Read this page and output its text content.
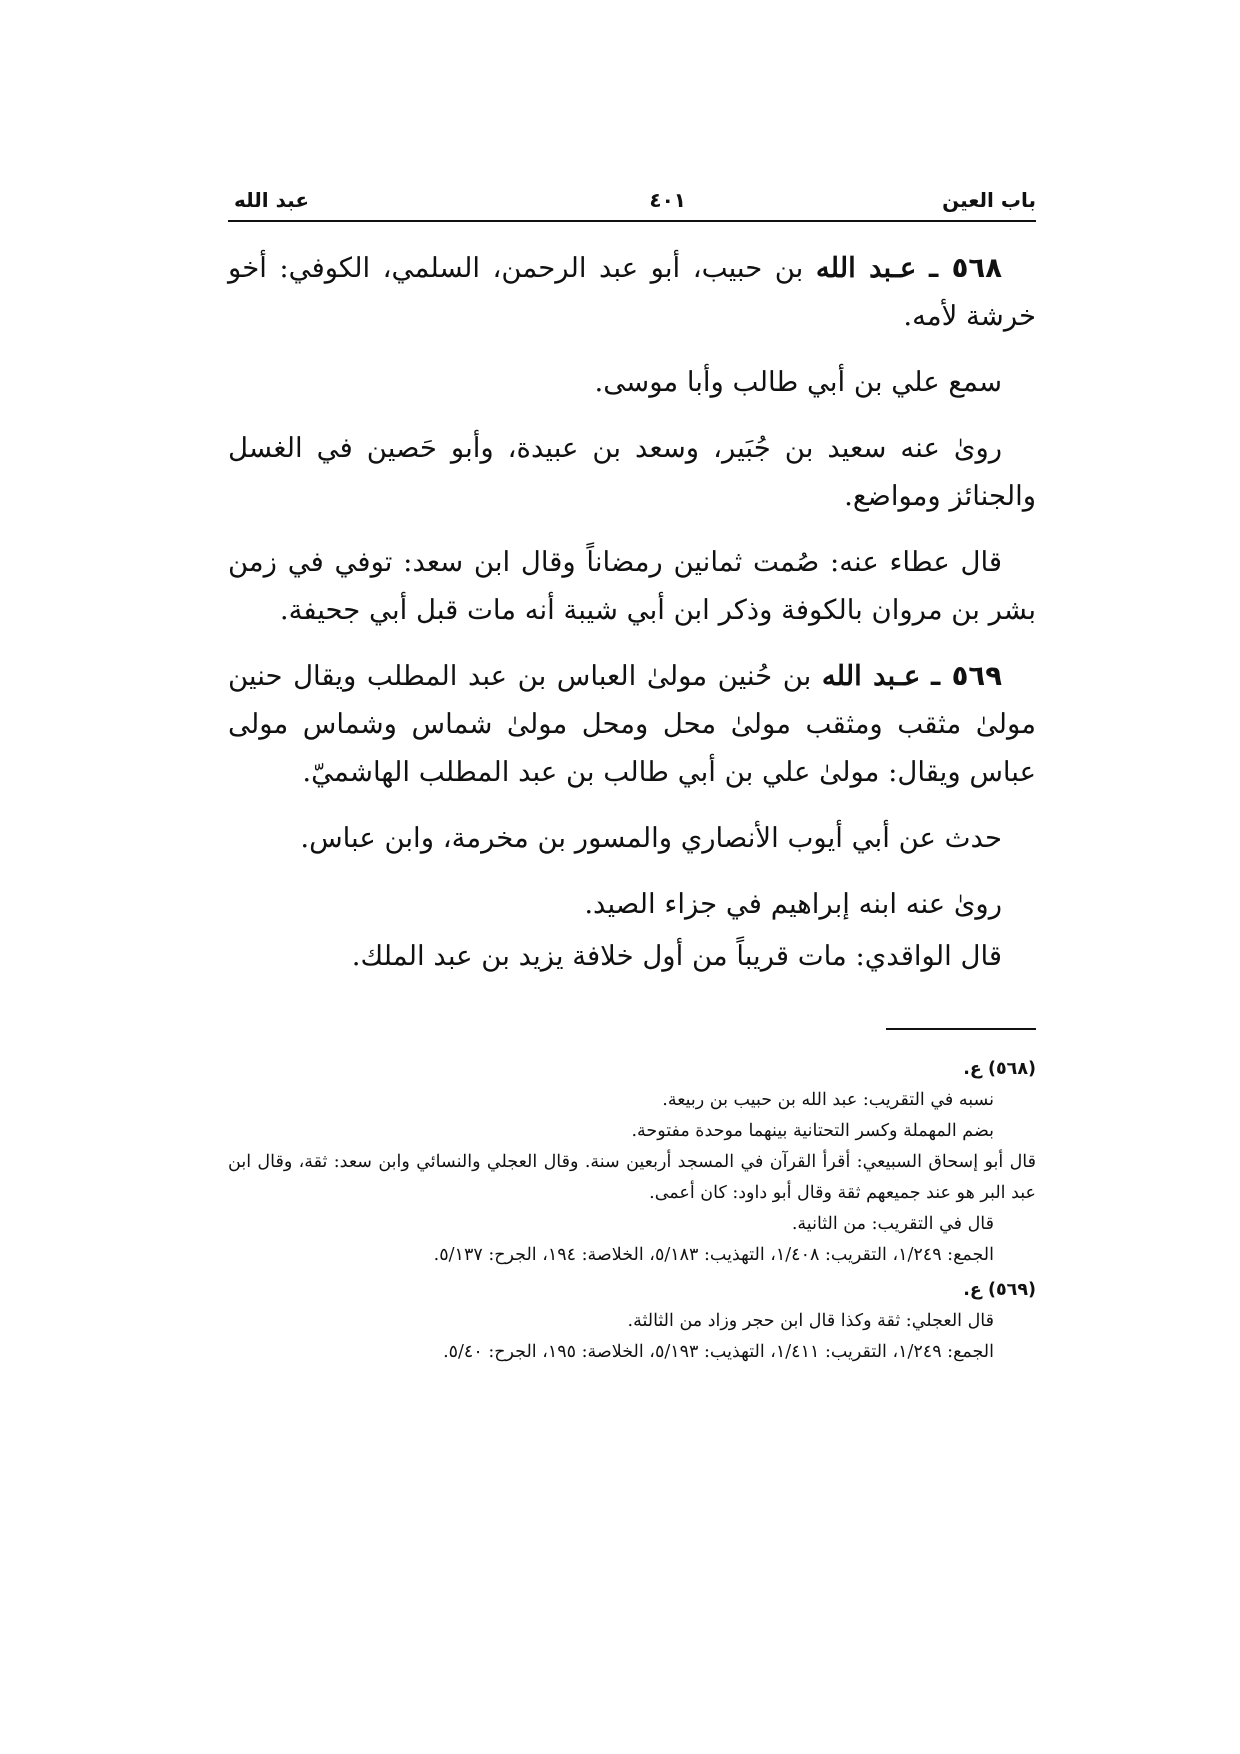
باب العين
٤٠١
عبد الله

٥٦٨ ـ عـبد الله بن حبيب، أبو عبد الرحمن، السلمي، الكوفي: أخو خرشة لأمه.

سمع علي بن أبي طالب وأبا موسى.

روىٰ عنه سعيد بن جُبَير، وسعد بن عبيدة، وأبو حَصين في الغسل والجنائز ومواضع.

قال عطاء عنه: صُمت ثمانين رمضاناً وقال ابن سعد: توفي في زمن بشر بن مروان بالكوفة وذكر ابن أبي شيبة أنه مات قبل أبي جحيفة.

٥٦٩ ـ عـبد الله بن حُنين مولىٰ العباس بن عبد المطلب ويقال حنين مولىٰ مثقب ومثقب مولىٰ محل ومحل مولىٰ شماس وشماس مولى عباس ويقال: مولىٰ علي بن أبي طالب بن عبد المطلب الهاشميّ.

حدث عن أبي أيوب الأنصاري والمسور بن مخرمة، وابن عباس.

روىٰ عنه ابنه إبراهيم في جزاء الصيد.

قال الواقدي: مات قريباً من أول خلافة يزيد بن عبد الملك.

(٥٦٨) ع.
نسبه في التقريب: عبد الله بن حبيب بن ربيعة.
بضم المهملة وكسر التحتانية بينهما موحدة مفتوحة.
قال أبو إسحاق السبيعي: أقرأ القرآن في المسجد أربعين سنة. وقال العجلي والنسائي وابن سعد: ثقة، وقال ابن عبد البر هو عند جميعهم ثقة وقال أبو داود: كان أعمى.
قال في التقريب: من الثانية.
الجمع: ١/٢٤٩، التقريب: ١/٤٠٨، التهذيب: ٥/١٨٣، الخلاصة: ١٩٤، الجرح: ٥/١٣٧.
(٥٦٩) ع.
قال العجلي: ثقة وكذا قال ابن حجر وزاد من الثالثة.
الجمع: ١/٢٤٩، التقريب: ١/٤١١، التهذيب: ٥/١٩٣، الخلاصة: ١٩٥، الجرح: ٥/٤٠.
